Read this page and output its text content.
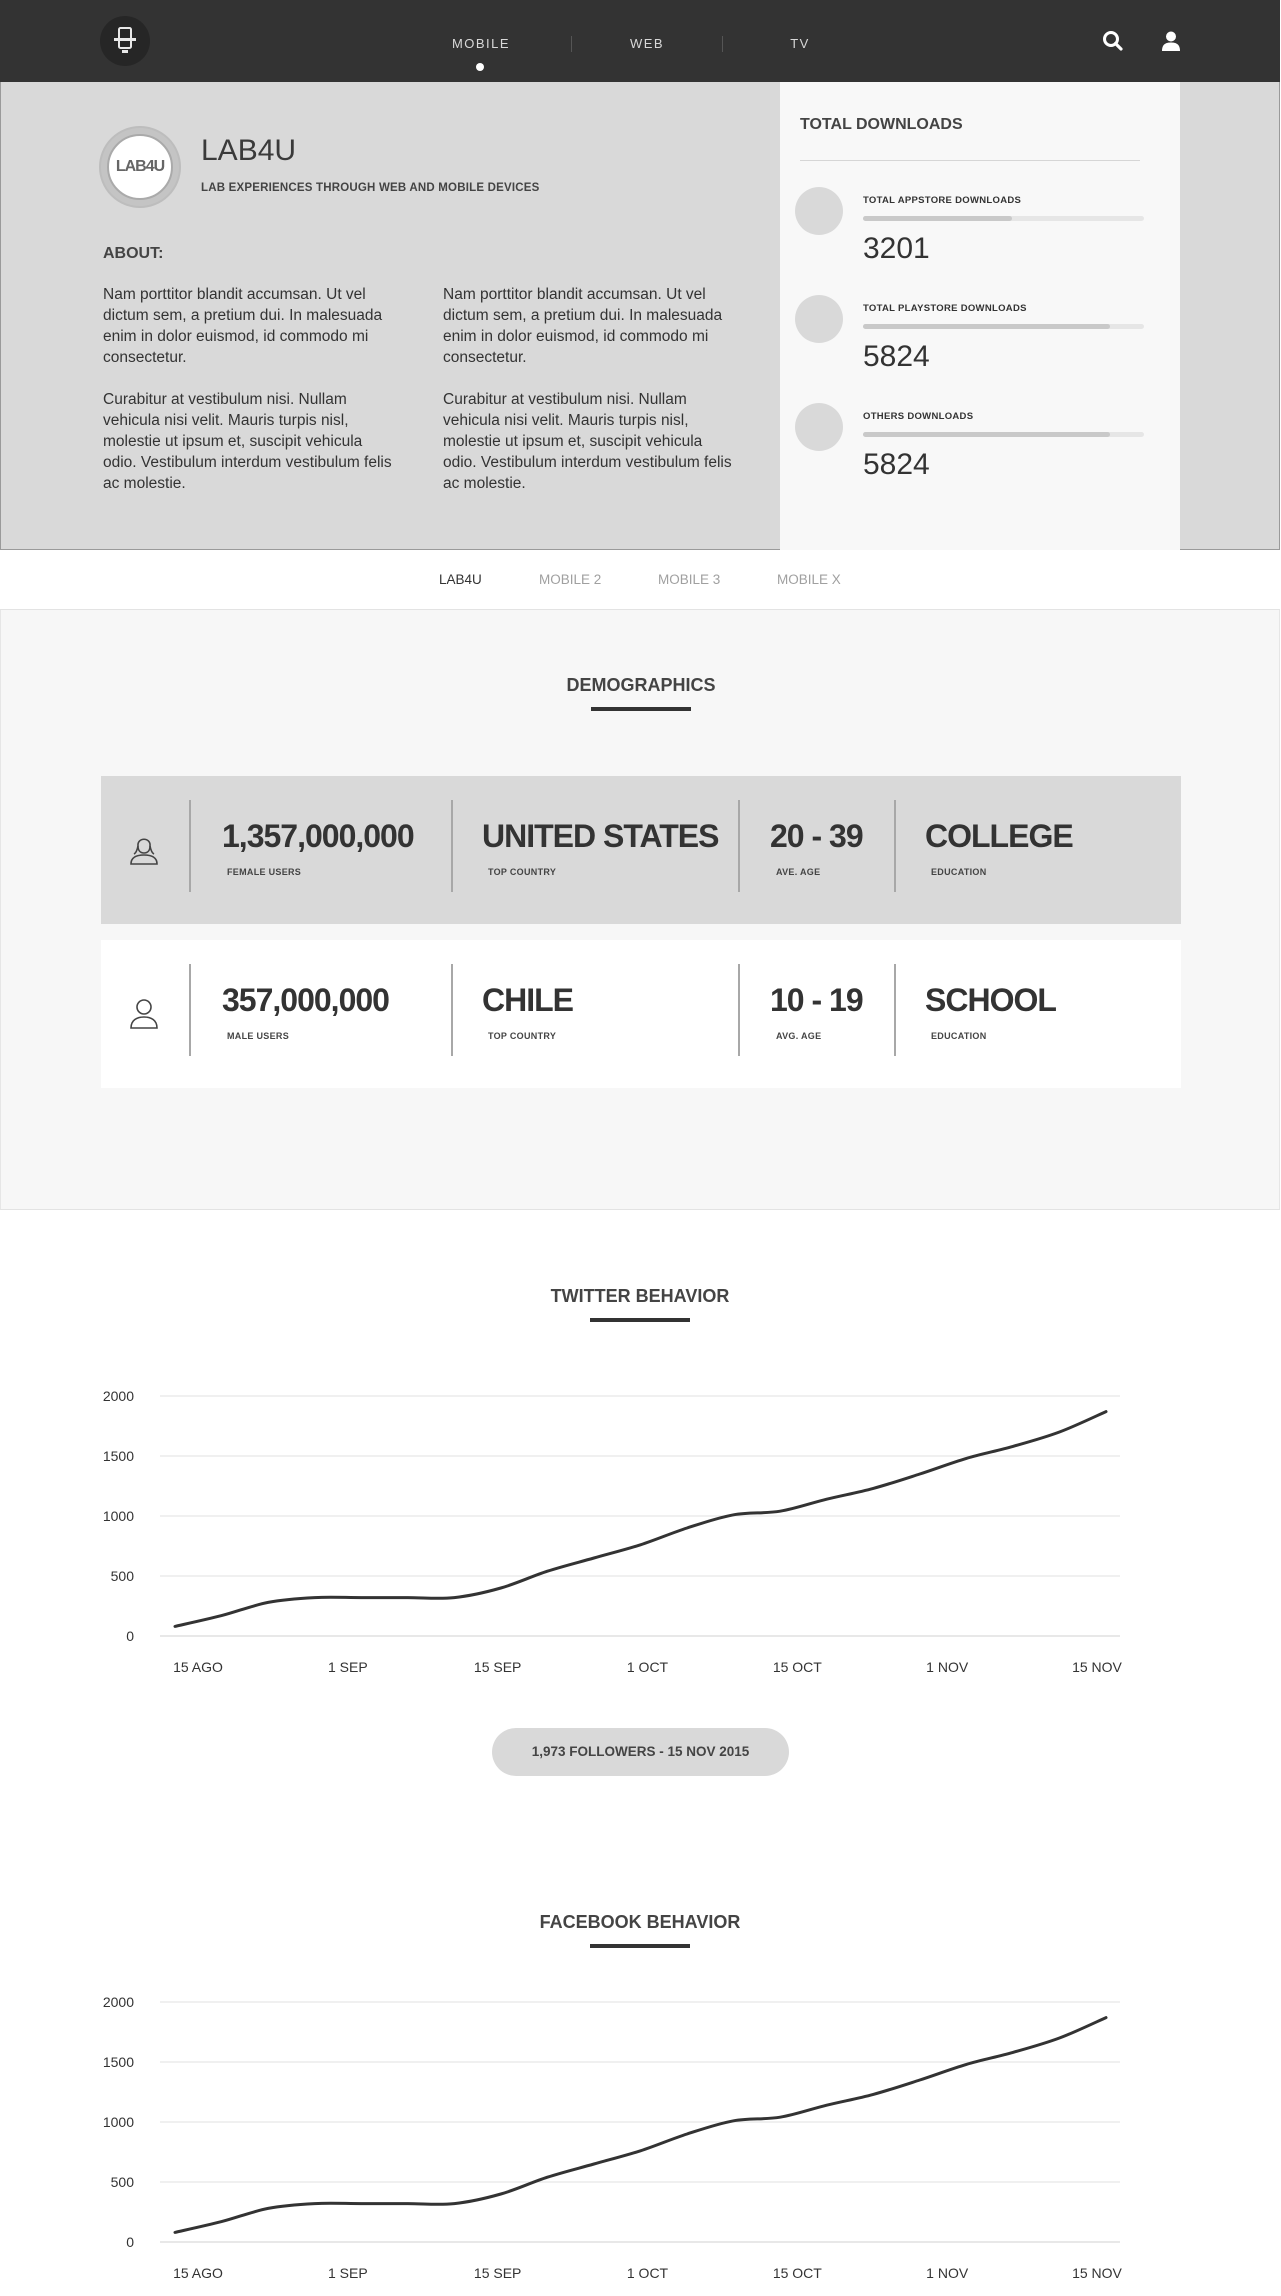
MOBILE	WEB	TV
LAB4U LAB4U
LAB EXPERIENCES THROUGH WEB AND MOBILE DEVICES
ABOUT:
Nam porttitor blandit accumsan. Ut vel dictum sem, a pretium dui. In malesuada enim in dolor euismod, id commodo mi consectetur.
Curabitur at vestibulum nisi. Nullam vehicula nisi velit. Mauris turpis nisl, molestie ut ipsum et, suscipit vehicula odio. Vestibulum interdum vestibulum felis ac molestie.
Nam porttitor blandit accumsan. Ut vel dictum sem, a pretium dui. In malesuada enim in dolor euismod, id commodo mi consectetur.
Curabitur at vestibulum nisi. Nullam vehicula nisi velit. Mauris turpis nisl, molestie ut ipsum et, suscipit vehicula odio. Vestibulum interdum vestibulum felis ac molestie.
TOTAL DOWNLOADS
TOTAL APPSTORE DOWNLOADS
3201
TOTAL PLAYSTORE DOWNLOADS
5824
OTHERS DOWNLOADS
5824
LAB4U	MOBILE 2	MOBILE 3	MOBILE X
DEMOGRAPHICS
1,357,000,000
FEMALE USERS
UNITED STATES
TOP COUNTRY
20 - 39
AVE. AGE
COLLEGE
EDUCATION
357,000,000
MALE USERS
CHILE
TOP COUNTRY
10 - 19
AVG. AGE
SCHOOL
EDUCATION
TWITTER BEHAVIOR
0
500
1000
1500
2000
15 AGO	1 SEP	15 SEP	1 OCT	15 OCT	1 NOV	15 NOV
1,973 FOLLOWERS - 15 NOV 2015
FACEBOOK BEHAVIOR
0
500
1000
1500
2000
15 AGO	1 SEP	15 SEP	1 OCT	15 OCT	1 NOV	15 NOV
